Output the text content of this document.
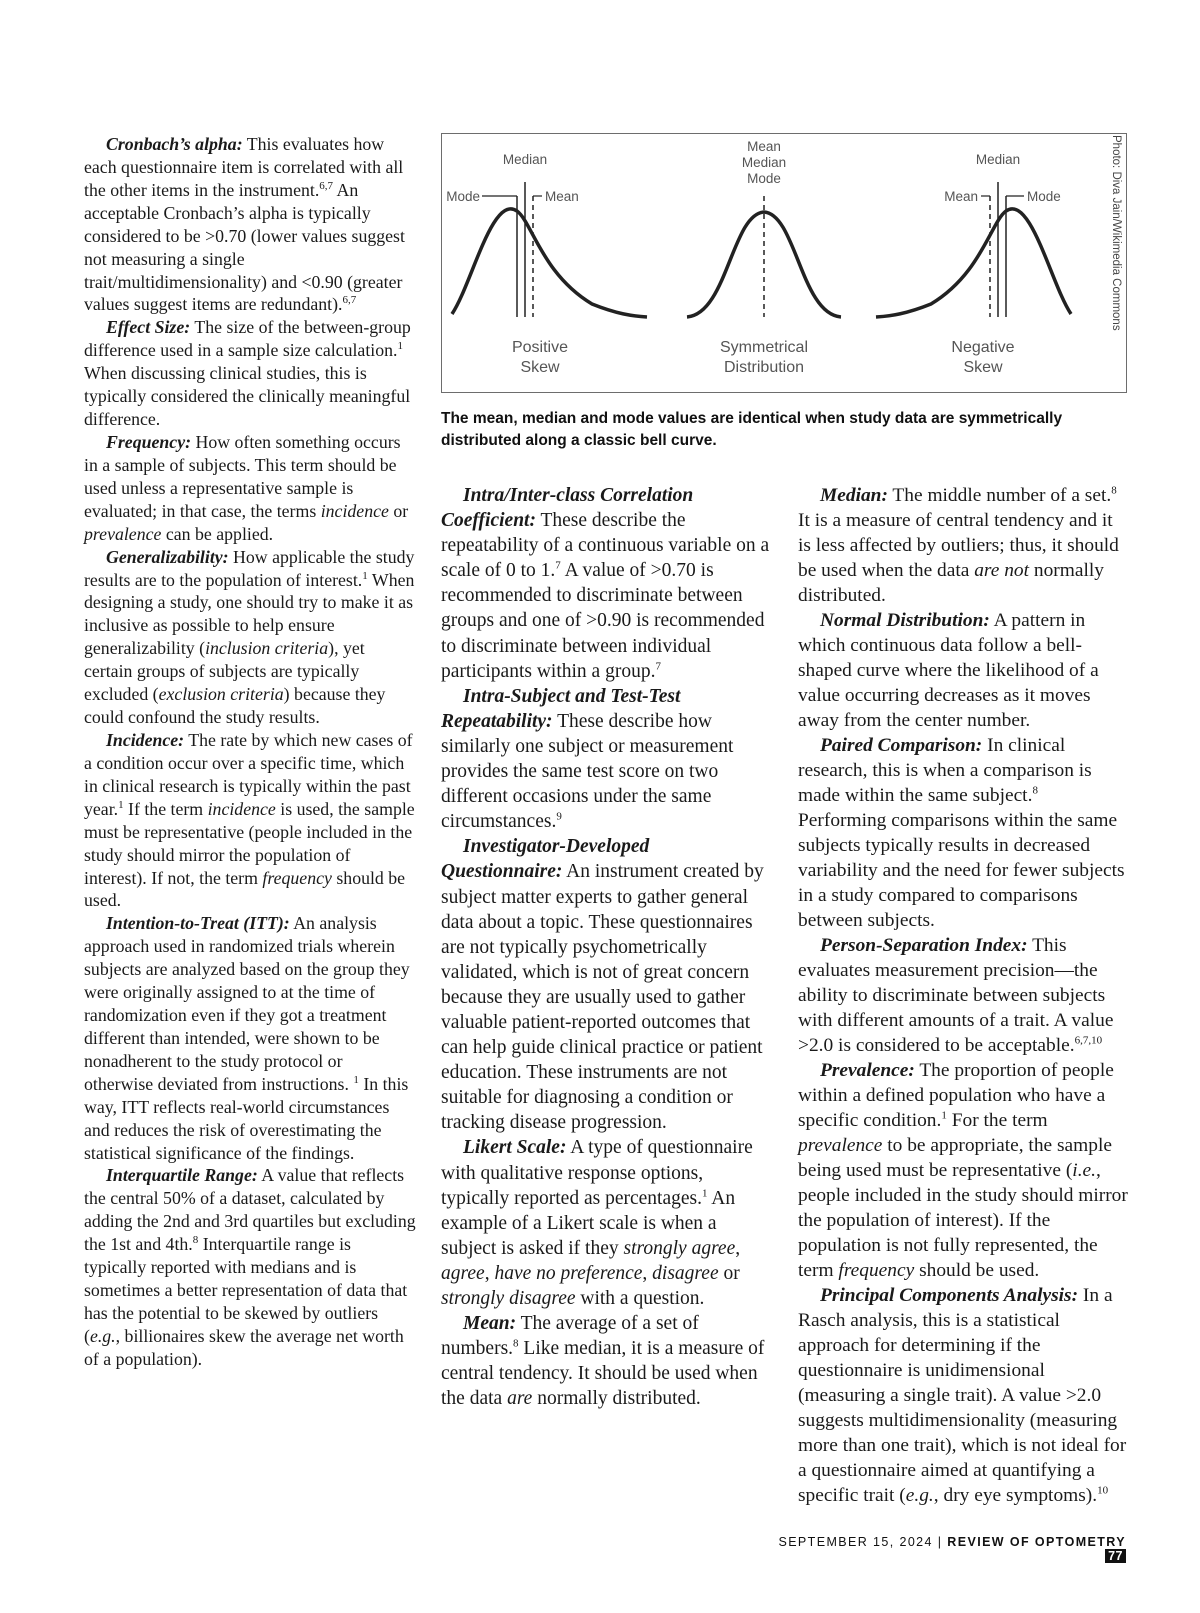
Median
Mode	Mean
Positive
Skew
Mean
Median
Mode
Symmetrical
Distribution
Median
Mean	Mode
Negative
Skew
Photo: Diva Jain/Wikimedia Commons
The mean, median and mode values are identical when study data are symmetrically distributed along a classic bell curve.

Cronbach’s alpha: This evaluates how each questionnaire item is correlated with all the other items in the instrument.$^{6,7}$ An acceptable Cronbach’s alpha is typically considered to be >0.70 (lower values suggest not measuring a single trait/multidimensionality) and <0.90 (greater values suggest items are redundant).$^{6,7}$

Effect Size: The size of the between-group difference used in a sample size calculation.$^1$ When discussing clinical studies, this is typically considered the clinically meaningful difference.

Frequency: How often something occurs in a sample of subjects. This term should be used unless a representative sample is evaluated; in that case, the terms incidence or prevalence can be applied.

Generalizability: How applicable the study results are to the population of interest.$^1$ When designing a study, one should try to make it as inclusive as possible to help ensure generalizability (inclusion criteria), yet certain groups of subjects are typically excluded (exclusion criteria) because they could confound the study results.

Incidence: The rate by which new cases of a condition occur over a specific time, which in clinical research is typically within the past year.$^1$ If the term incidence is used, the sample must be representative (people included in the study should mirror the population of interest). If not, the term frequency should be used.

Intention-to-Treat (ITT): An analysis approach used in randomized trials wherein subjects are analyzed based on the group they were originally assigned to at the time of randomization even if they got a treatment different than intended, were shown to be nonadherent to the study protocol or otherwise deviated from instructions. $^1$ In this way, ITT reflects real-world circumstances and reduces the risk of overestimating the statistical significance of the findings.

Interquartile Range: A value that reflects the central 50% of a dataset, calculated by adding the 2nd and 3rd quartiles but excluding the 1st and 4th.$^8$ Interquartile range is typically reported with medians and is sometimes a better representation of data that has the potential to be skewed by outliers (e.g., billionaires skew the average net worth of a population).

Intra/Inter-class Correlation Coefficient: These describe the repeatability of a continuous variable on a scale of 0 to 1.$^7$ A value of >0.70 is recommended to discriminate between groups and one of >0.90 is recommended to discriminate between individual participants within a group.$^7$

Intra-Subject and Test-Test Repeatability: These describe how similarly one subject or measurement provides the same test score on two different occasions under the same circumstances.$^9$

Investigator-Developed Questionnaire: An instrument created by subject matter experts to gather general data about a topic. These questionnaires are not typically psychometrically validated, which is not of great concern because they are usually used to gather valuable patient-reported outcomes that can help guide clinical practice or patient education. These instruments are not suitable for diagnosing a condition or tracking disease progression.

Likert Scale: A type of questionnaire with qualitative response options, typically reported as percentages.$^1$ An example of a Likert scale is when a subject is asked if they strongly agree, agree, have no preference, disagree or strongly disagree with a question.

Mean: The average of a set of numbers.$^8$ Like median, it is a measure of central tendency. It should be used when the data are normally distributed.

Median: The middle number of a set.$^8$ It is a measure of central tendency and it is less affected by outliers; thus, it should be used when the data are not normally distributed.

Normal Distribution: A pattern in which continuous data follow a bell-shaped curve where the likelihood of a value occurring decreases as it moves away from the center number.

Paired Comparison: In clinical research, this is when a comparison is made within the same subject.$^8$ Performing comparisons within the same subjects typically results in decreased variability and the need for fewer subjects in a study compared to comparisons between subjects.

Person-Separation Index: This evaluates measurement precision—the ability to discriminate between subjects with different amounts of a trait. A value >2.0 is considered to be acceptable.$^{6,7,10}$

Prevalence: The proportion of people within a defined population who have a specific condition.$^1$ For the term prevalence to be appropriate, the sample being used must be representative (i.e., people included in the study should mirror the population of interest). If the population is not fully represented, the term frequency should be used.

Principal Components Analysis: In a Rasch analysis, this is a statistical approach for determining if the questionnaire is unidimensional (measuring a single trait). A value >2.0 suggests multidimensionality (measuring more than one trait), which is not ideal for a questionnaire aimed at quantifying a specific trait (e.g., dry eye symptoms).$^{10}$

SEPTEMBER 15, 2024 | REVIEW OF OPTOMETRY77
